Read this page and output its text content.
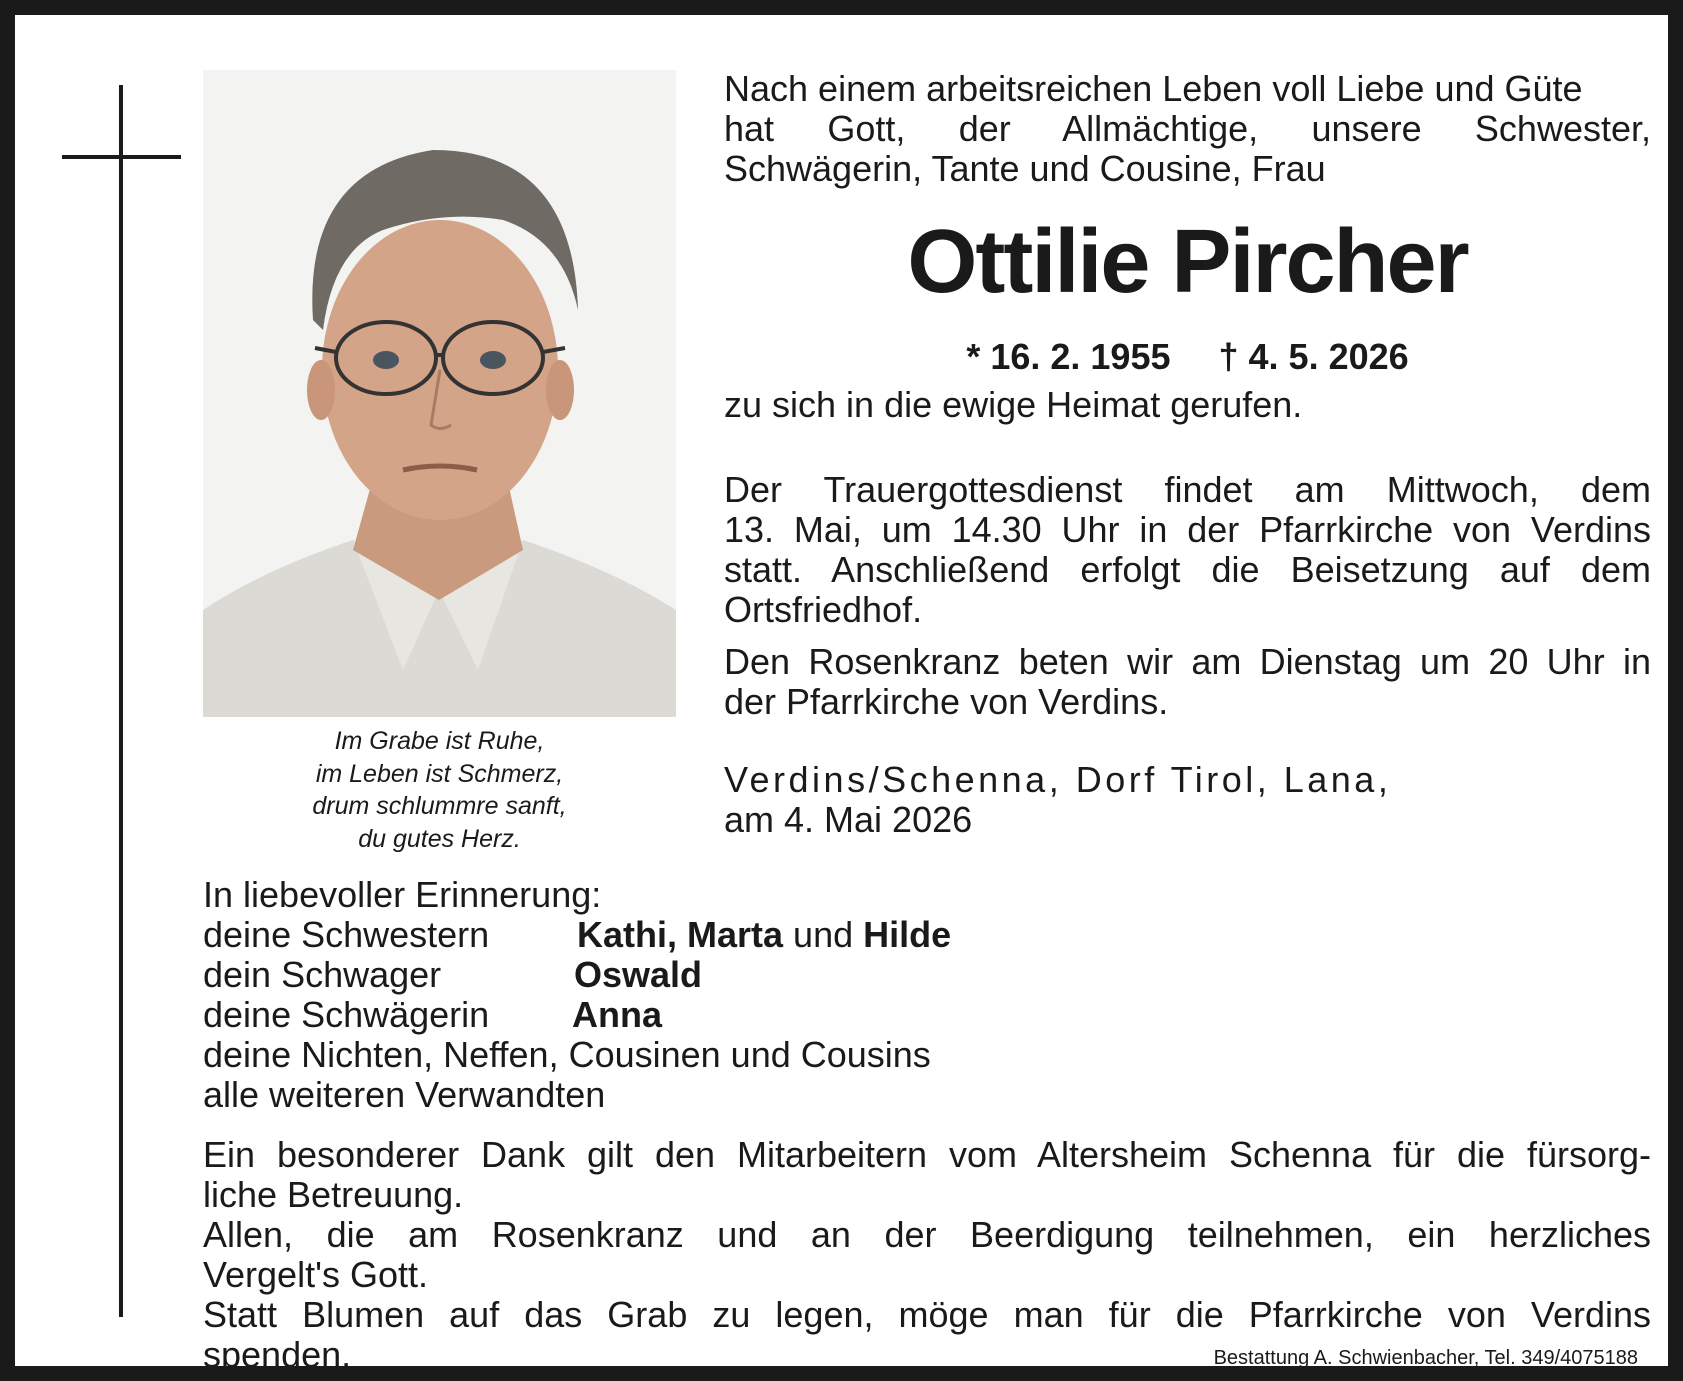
Im Grabe ist Ruhe,
im Leben ist Schmerz,
drum schlummre sanft,
du gutes Herz.
Nach einem arbeitsreichen Leben voll Liebe und Güte
hat Gott, der Allmächtige, unsere Schwester,
Schwägerin, Tante und Cousine, Frau
Ottilie Pircher
* 16. 2. 1955 † 4. 5. 2026
zu sich in die ewige Heimat gerufen.
Der Trauergottesdienst findet am Mittwoch, dem
13. Mai, um 14.30 Uhr in der Pfarrkirche von Verdins
statt. Anschließend erfolgt die Beisetzung auf dem
Ortsfriedhof.
Den Rosenkranz beten wir am Dienstag um 20 Uhr in
der Pfarrkirche von Verdins.
Verdins/Schenna, Dorf Tirol, Lana,
am 4. Mai 2026
In liebevoller Erinnerung:
deine Schwestern Kathi, Marta und Hilde
dein Schwager	Oswald
deine Schwägerin Anna
deine Nichten, Neffen, Cousinen und Cousins
alle weiteren Verwandten
Ein besonderer Dank gilt den Mitarbeitern vom Altersheim Schenna für die fürsorg-
liche Betreuung.
Allen, die am Rosenkranz und an der Beerdigung teilnehmen, ein herzliches
Vergelt's Gott.
Statt Blumen auf das Grab zu legen, möge man für die Pfarrkirche von Verdins
spenden.	Bestattung A. Schwienbacher, Tel. 349/4075188
